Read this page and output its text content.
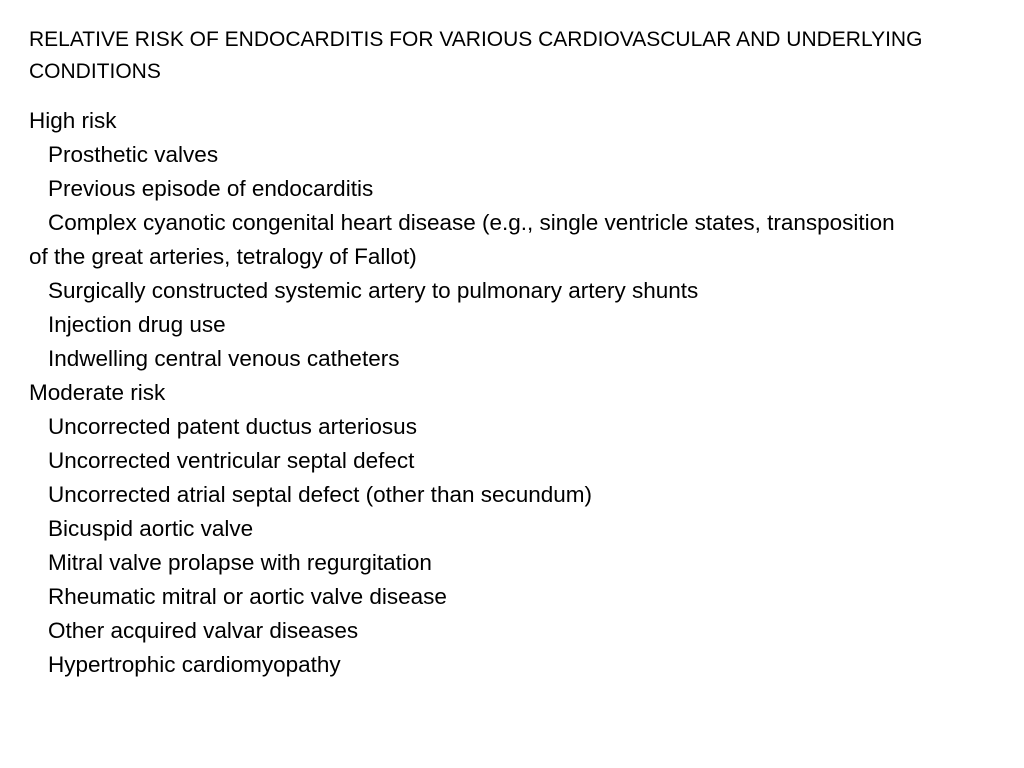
RELATIVE RISK OF ENDOCARDITIS FOR VARIOUS CARDIOVASCULAR AND UNDERLYING CONDITIONS
High risk
Prosthetic valves
Previous episode of endocarditis
Complex cyanotic congenital heart disease (e.g., single ventricle states, transposition of the great arteries, tetralogy of Fallot)
Surgically constructed systemic artery to pulmonary artery shunts
Injection drug use
Indwelling central venous catheters
Moderate risk
Uncorrected patent ductus arteriosus
Uncorrected ventricular septal defect
Uncorrected atrial septal defect (other than secundum)
Bicuspid aortic valve
Mitral valve prolapse with regurgitation
Rheumatic mitral or aortic valve disease
Other acquired valvar diseases
Hypertrophic cardiomyopathy
